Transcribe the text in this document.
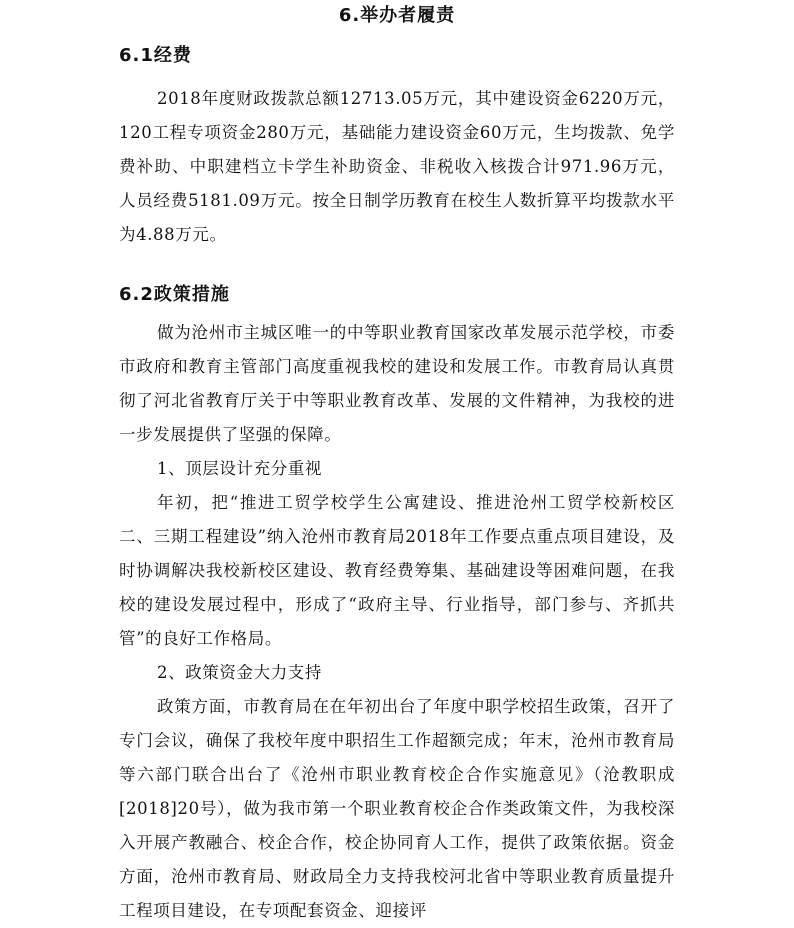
6.举办者履责
6.1经费

2018年度财政拨款总额12713.05万元，其中建设资金6220万元，120工程专项资金280万元，基础能力建设资金60万元，生均拨款、免学费补助、中职建档立卡学生补助资金、非税收入核拨合计971.96万元，人员经费5181.09万元。按全日制学历教育在校生人数折算平均拨款水平为4.88万元。

6.2政策措施

做为沧州市主城区唯一的中等职业教育国家改革发展示范学校，市委市政府和教育主管部门高度重视我校的建设和发展工作。市教育局认真贯彻了河北省教育厅关于中等职业教育改革、发展的文件精神，为我校的进一步发展提供了坚强的保障。

1、顶层设计充分重视

年初，把“推进工贸学校学生公寓建设、推进沧州工贸学校新校区二、三期工程建设”纳入沧州市教育局2018年工作要点重点项目建设，及时协调解决我校新校区建设、教育经费筹集、基础建设等困难问题，在我校的建设发展过程中，形成了“政府主导、行业指导，部门参与、齐抓共管”的良好工作格局。

2、政策资金大力支持

政策方面，市教育局在在年初出台了年度中职学校招生政策，召开了专门会议，确保了我校年度中职招生工作超额完成；年末，沧州市教育局等六部门联合出台了《沧州市职业教育校企合作实施意见》（沧教职成[2018]20号），做为我市第一个职业教育校企合作类政策文件，为我校深入开展产教融合、校企合作，校企协同育人工作，提供了政策依据。资金方面，沧州市教育局、财政局全力支持我校河北省中等职业教育质量提升工程项目建设，在专项配套资金、迎接评
